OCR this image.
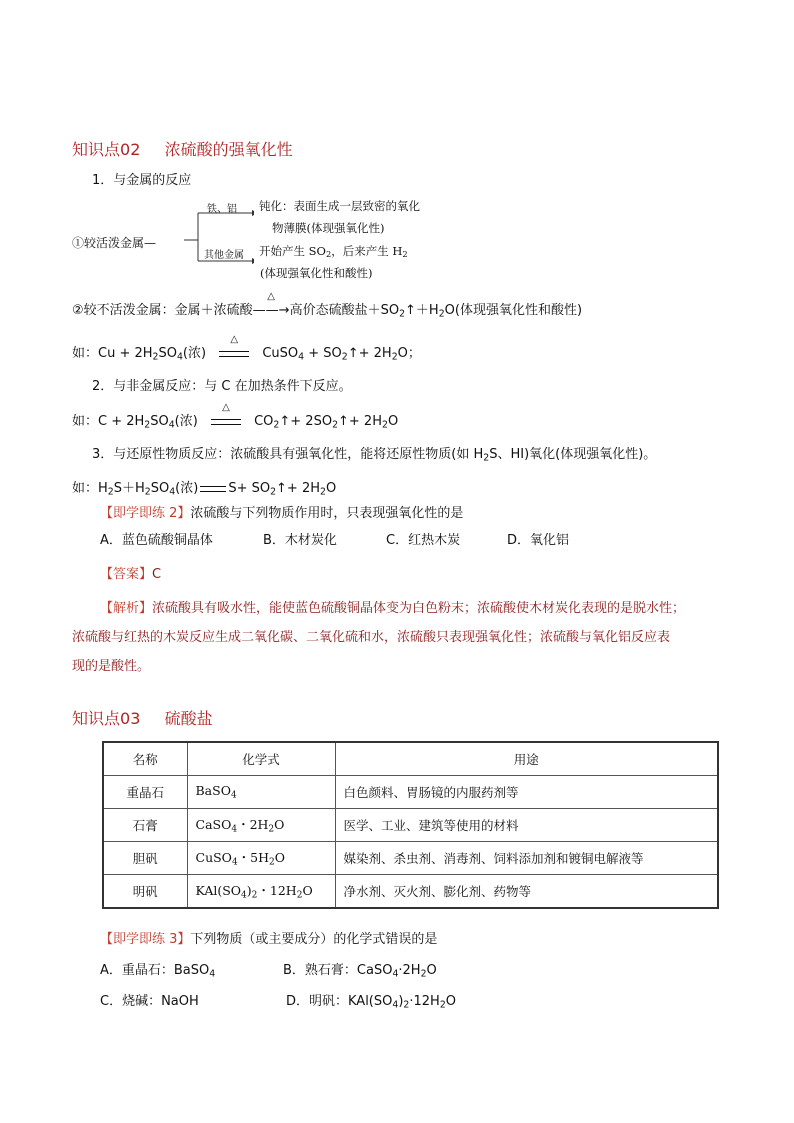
知识点02 浓硫酸的强氧化性
1．与金属的反应
①较活泼金属—
铁、铝 钝化：表面生成一层致密的氧化
物薄膜(体现强氧化性)
其他金属 开始产生 $SO_2$，后来产生 $H_2$
(体现强氧化性和酸性)
②较不活泼金属：金属＋浓硫酸
△
——→高价态硫酸盐$+SO_2↑+H_2O$(体现强氧化性和酸性)
如：$Cu + 2H_2SO_4$(浓)
△
CuSO$_4$ + $SO_2↑+ 2H_2O$；
2．与非金属反应：与 C 在加热条件下反应。
如：$C + 2H_2SO_4$(浓)
△
$CO_2↑+$ $2SO_2↑+ 2H_2O$
3．与还原性物质反应：浓硫酸具有强氧化性，能将还原性物质(如 $H_2S$、HI)氧化(体现强氧化性)。
如：$H_2S+H_2SO_4$(浓) $S+ SO_2↑+ 2H_2O$
【即学即练 2】浓硫酸与下列物质作用时，只表现强氧化性的是
A．蓝色硫酸铜晶体	B．木材炭化	C．红热木炭	D．氧化铝
【答案】C
【解析】浓硫酸具有吸水性，能使蓝色硫酸铜晶体变为白色粉末；浓硫酸使木材炭化表现的是脱水性；
浓硫酸与红热的木炭反应生成二氧化碳、二氧化硫和水，浓硫酸只表现强氧化性；浓硫酸与氧化铝反应表
现的是酸性。
知识点03 硫酸盐
名称	化学式	用途
重晶石	BaSO$_4$	白色颜料、胃肠镜的内服药剂等
石膏	CaSO$_4$・$2H_2O$	医学、工业、建筑等使用的材料
胆矾	CuSO$_4$・$5H_2O$	媒染剂、杀虫剂、消毒剂、饲料添加剂和镀铜电解液等
明矾	$KAl(SO_4)_2$・$12H_2O$	净水剂、灭火剂、膨化剂、药物等
【即学即练 3】下列物质（或主要成分）的化学式错误的是
A．重晶石：BaSO$_4$	B．熟石膏：$CaSO_4\cdot 2H_2O$
C．烧碱：NaOH	D．明矾：$KAl(SO_4)_2\cdot 12H_2O$
